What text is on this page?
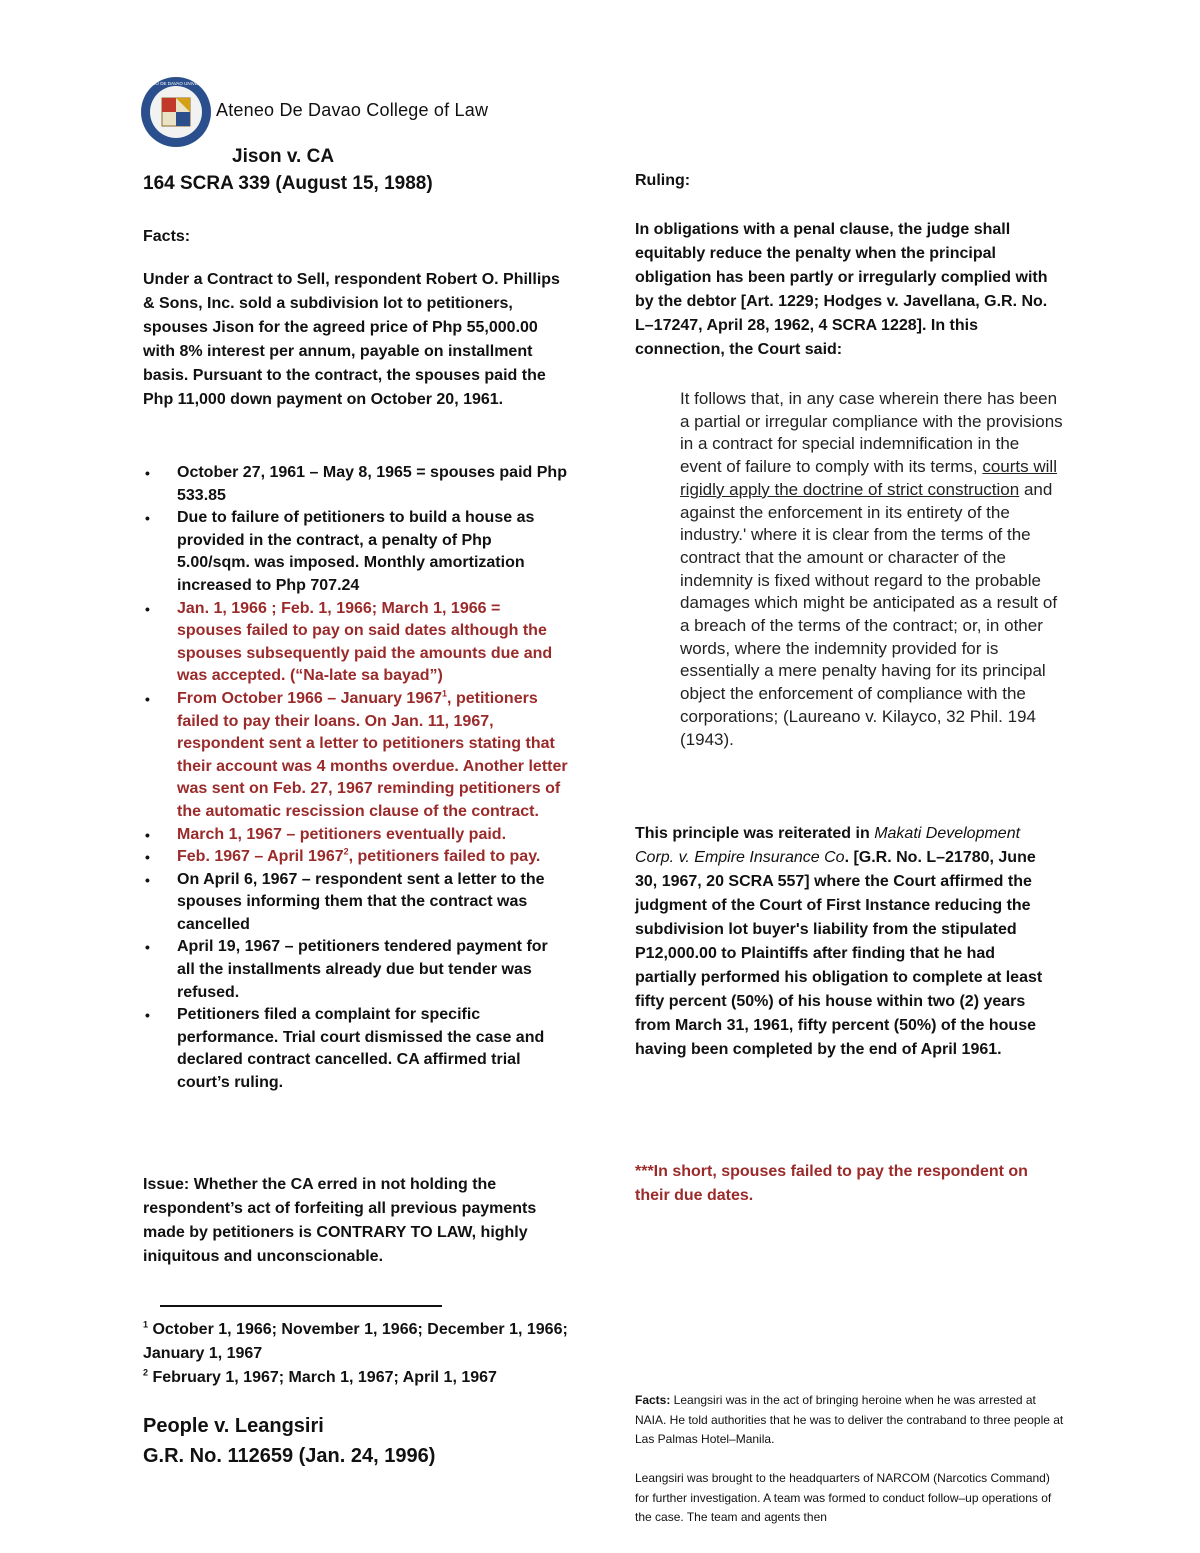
ATENEO DE DAVAO UNIVERSITY
Ateneo De Davao College of Law
Jison v. CA
164 SCRA 339 (August 15, 1988)
Facts:
Under a Contract to Sell, respondent Robert O. Phillips & Sons, Inc. sold a subdivision lot to petitioners, spouses Jison for the agreed price of Php 55,000.00 with 8% interest per annum, payable on installment basis. Pursuant to the contract, the spouses paid the Php 11,000 down payment on October 20, 1961.
• October 27, 1961 – May 8, 1965 = spouses paid Php 533.85
• Due to failure of petitioners to build a house as provided in the contract, a penalty of Php 5.00/sqm. was imposed. Monthly amortization increased to Php 707.24
• Jan. 1, 1966 ; Feb. 1, 1966; March 1, 1966 = spouses failed to pay on said dates although the spouses subsequently paid the amounts due and was accepted. (“Na-late sa bayad”)
• From October 1966 – January 1967$^1$, petitioners failed to pay their loans. On Jan. 11, 1967, respondent sent a letter to petitioners stating that their account was 4 months overdue. Another letter was sent on Feb. 27, 1967 reminding petitioners of the automatic rescission clause of the contract.
• March 1, 1967 – petitioners eventually paid.
• Feb. 1967 – April 1967$^2$, petitioners failed to pay.
• On April 6, 1967 – respondent sent a letter to the spouses informing them that the contract was cancelled
• April 19, 1967 – petitioners tendered payment for all the installments already due but tender was refused.
• Petitioners filed a complaint for specific performance. Trial court dismissed the case and declared contract cancelled. CA affirmed trial court’s ruling.
Issue: Whether the CA erred in not holding the respondent’s act of forfeiting all previous payments made by petitioners is CONTRARY TO LAW, highly iniquitous and unconscionable.
$^1$ October 1, 1966; November 1, 1966; December 1, 1966; January 1, 1967
$^2$ February 1, 1967; March 1, 1967; April 1, 1967
People v. Leangsiri
G.R. No. 112659 (Jan. 24, 1996)
Ruling:
In obligations with a penal clause, the judge shall equitably reduce the penalty when the principal obligation has been partly or irregularly complied with by the debtor [Art. 1229; Hodges v. Javellana, G.R. No. L–17247, April 28, 1962, 4 SCRA 1228]. In this connection, the Court said:
It follows that, in any case wherein there has been a partial or irregular compliance with the provisions in a contract for special indemnification in the event of failure to comply with its terms, courts will rigidly apply the doctrine of strict construction and against the enforcement in its entirety of the industry.' where it is clear from the terms of the contract that the amount or character of the indemnity is fixed without regard to the probable damages which might be anticipated as a result of a breach of the terms of the contract; or, in other words, where the indemnity provided for is essentially a mere penalty having for its principal object the enforcement of compliance with the corporations; (Laureano v. Kilayco, 32 Phil. 194 (1943).
This principle was reiterated in Makati Development Corp. v. Empire Insurance Co. [G.R. No. L–21780, June 30, 1967, 20 SCRA 557] where the Court affirmed the judgment of the Court of First Instance reducing the subdivision lot buyer's liability from the stipulated P12,000.00 to Plaintiffs after finding that he had partially performed his obligation to complete at least fifty percent (50%) of his house within two (2) years from March 31, 1961, fifty percent (50%) of the house having been completed by the end of April 1961.
***In short, spouses failed to pay the respondent on their due dates.
Facts: Leangsiri was in the act of bringing heroine when he was arrested at NAIA. He told authorities that he was to deliver the contraband to three people at Las Palmas Hotel–Manila.
Leangsiri was brought to the headquarters of NARCOM (Narcotics Command) for further investigation. A team was formed to conduct follow–up operations of the case. The team and agents then
